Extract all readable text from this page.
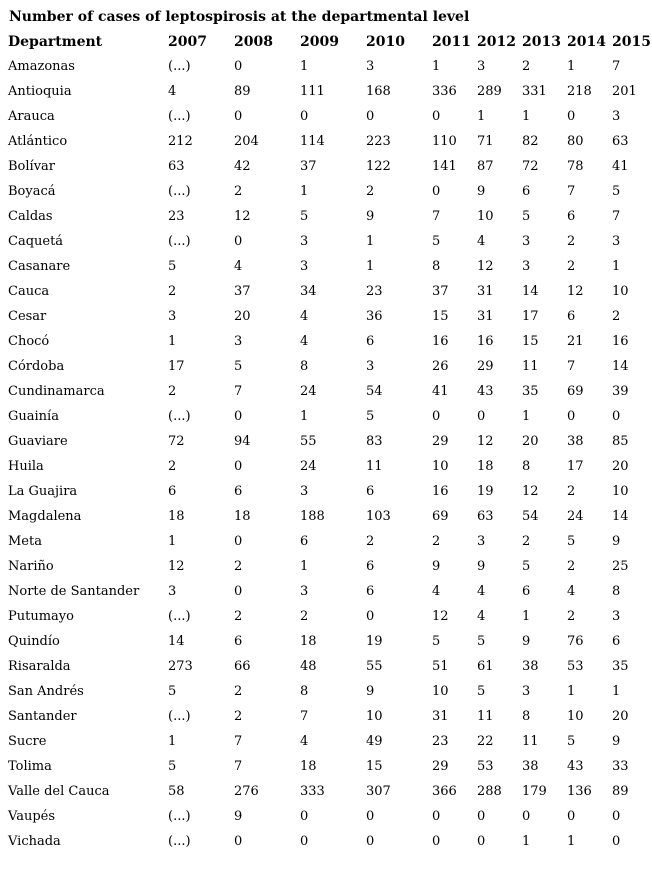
Number of cases of leptospirosis at the departmental level
Department	2007	2008	2009	2010	2011	2012	2013	2014	2015
Amazonas	(...)	0	1	3	1	3	2	1	7
Antioquia	4	89	111	168	336	289	331	218	201
Arauca	(...)	0	0	0	0	1	1	0	3
Atlántico	212	204	114	223	110	71	82	80	63
Bolívar	63	42	37	122	141	87	72	78	41
Boyacá	(...)	2	1	2	0	9	6	7	5
Caldas	23	12	5	9	7	10	5	6	7
Caquetá	(...)	0	3	1	5	4	3	2	3
Casanare	5	4	3	1	8	12	3	2	1
Cauca	2	37	34	23	37	31	14	12	10
Cesar	3	20	4	36	15	31	17	6	2
Chocó	1	3	4	6	16	16	15	21	16
Córdoba	17	5	8	3	26	29	11	7	14
Cundinamarca	2	7	24	54	41	43	35	69	39
Guainía	(...)	0	1	5	0	0	1	0	0
Guaviare	72	94	55	83	29	12	20	38	85
Huila	2	0	24	11	10	18	8	17	20
La Guajira	6	6	3	6	16	19	12	2	10
Magdalena	18	18	188	103	69	63	54	24	14
Meta	1	0	6	2	2	3	2	5	9
Nariño	12	2	1	6	9	9	5	2	25
Norte de Santander	3	0	3	6	4	4	6	4	8
Putumayo	(...)	2	2	0	12	4	1	2	3
Quindío	14	6	18	19	5	5	9	76	6
Risaralda	273	66	48	55	51	61	38	53	35
San Andrés	5	2	8	9	10	5	3	1	1
Santander	(...)	2	7	10	31	11	8	10	20
Sucre	1	7	4	49	23	22	11	5	9
Tolima	5	7	18	15	29	53	38	43	33
Valle del Cauca	58	276	333	307	366	288	179	136	89
Vaupés	(...)	9	0	0	0	0	0	0	0
Vichada	(...)	0	0	0	0	0	1	1	0
